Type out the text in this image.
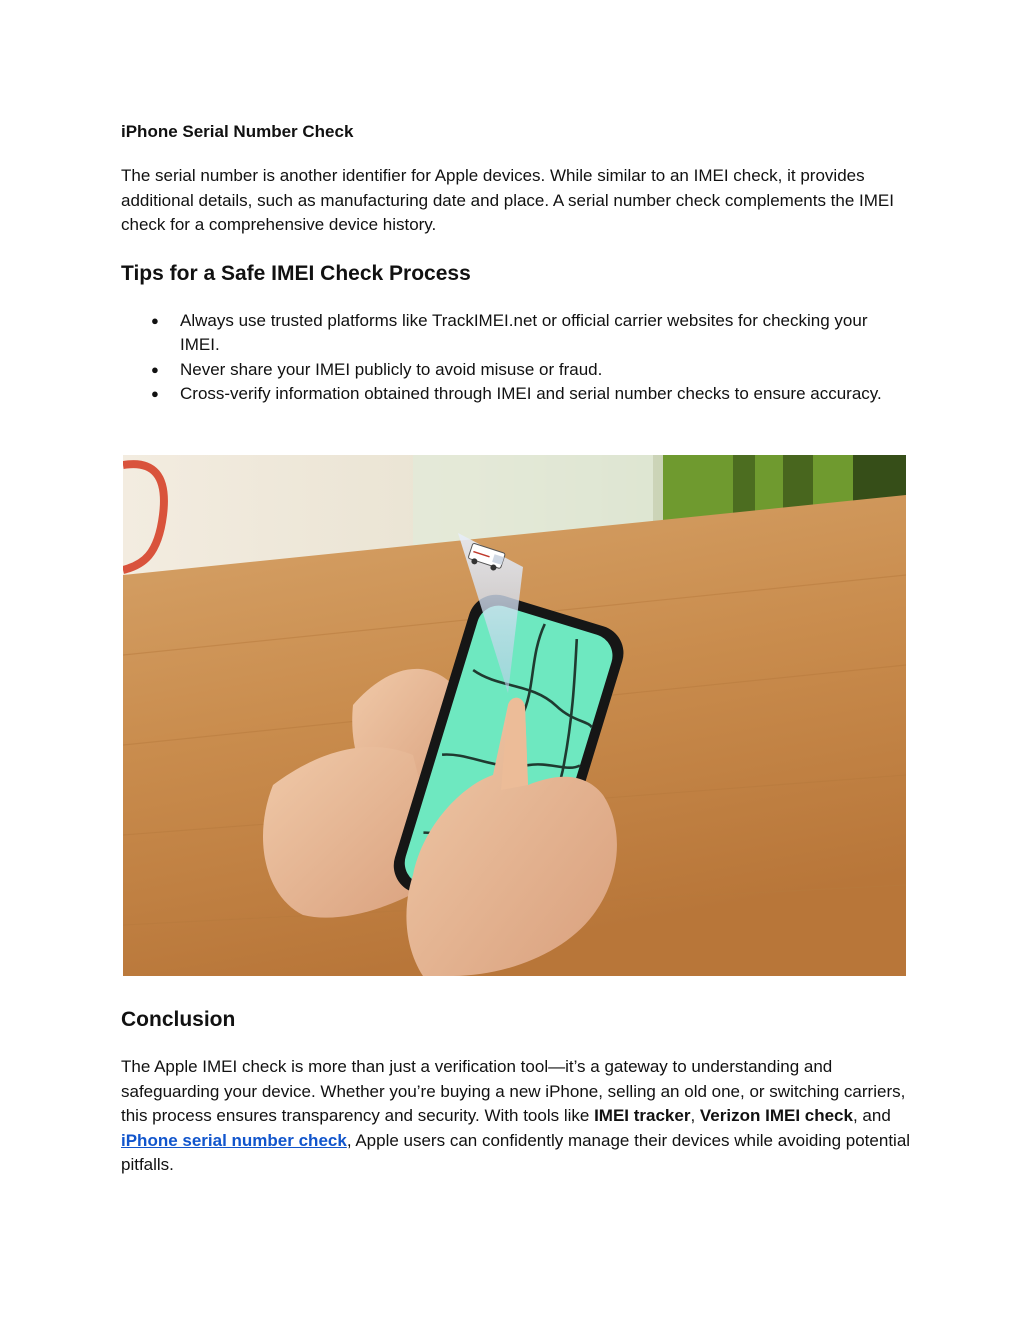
iPhone Serial Number Check

The serial number is another identifier for Apple devices. While similar to an IMEI check, it provides additional details, such as manufacturing date and place. A serial number check complements the IMEI check for a comprehensive device history.

Tips for a Safe IMEI Check Process
● Always use trusted platforms like TrackIMEI.net or official carrier websites for checking your IMEI.
● Never share your IMEI publicly to avoid misuse or fraud.
● Cross-verify information obtained through IMEI and serial number checks to ensure accuracy.
Conclusion

The Apple IMEI check is more than just a verification tool—it’s a gateway to understanding and safeguarding your device. Whether you’re buying a new iPhone, selling an old one, or switching carriers, this process ensures transparency and security. With tools like IMEI tracker, Verizon IMEI check, and iPhone serial number check, Apple users can confidently manage their devices while avoiding potential pitfalls.
